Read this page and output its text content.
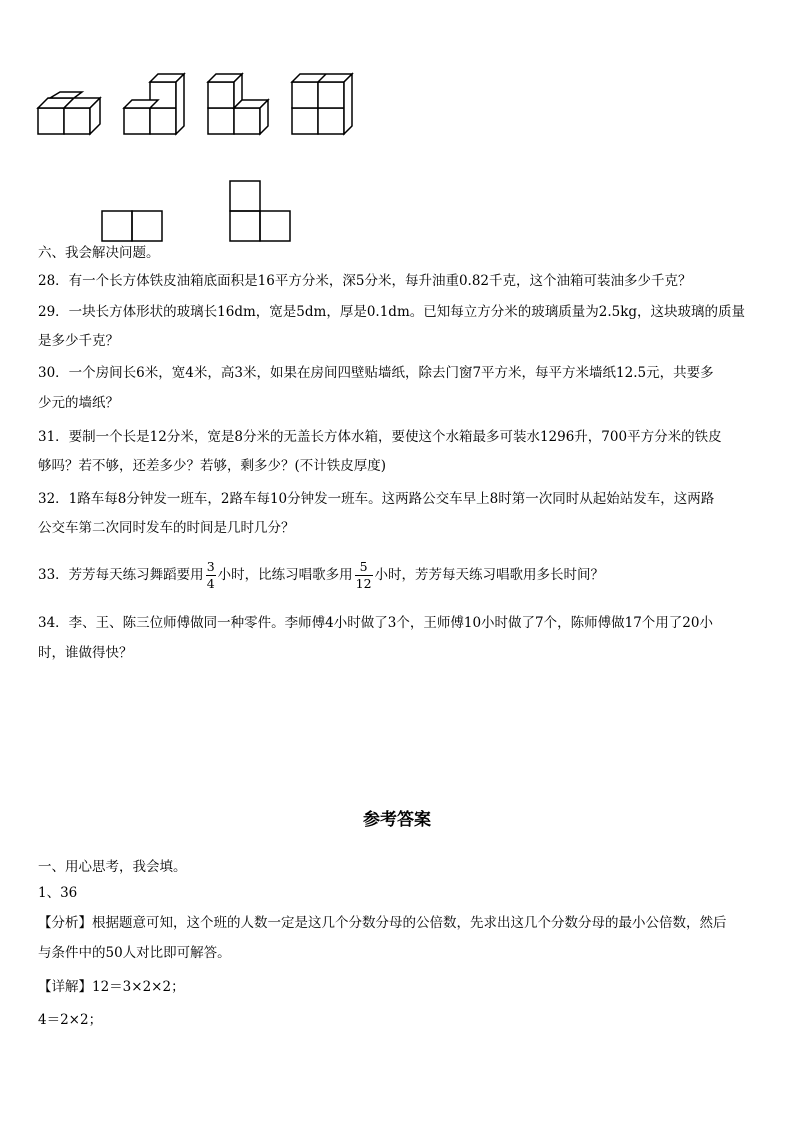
六、我会解决问题。
28．有一个长方体铁皮油箱底面积是16平方分米，深5分米，每升油重0.82千克，这个油箱可装油多少千克？
29．一块长方体形状的玻璃长16dm，宽是5dm，厚是0.1dm。已知每立方分米的玻璃质量为2.5kg，这块玻璃的质量
是多少千克？
30．一个房间长6米，宽4米，高3米，如果在房间四壁贴墙纸，除去门窗7平方米，每平方米墙纸12.5元，共要多
少元的墙纸？
31．要制一个长是12分米，宽是8分米的无盖长方体水箱，要使这个水箱最多可装水1296升，700平方分米的铁皮
够吗？若不够，还差多少？若够，剩多少？(不计铁皮厚度)
32．1路车每8分钟发一班车，2路车每10分钟发一班车。这两路公交车早上8时第一次同时从起始站发车，这两路
公交车第二次同时发车的时间是几时几分？
33．芳芳每天练习舞蹈要用 $\frac{3}{4}$ 小时，比练习唱歌多用 $\frac{5}{12}$ 小时，芳芳每天练习唱歌用多长时间？
34．李、王、陈三位师傅做同一种零件。李师傅4小时做了3个，王师傅10小时做了7个，陈师傅做17个用了20小
时，谁做得快？
参考答案
一、用心思考，我会填。
1、36
【分析】根据题意可知，这个班的人数一定是这几个分数分母的公倍数，先求出这几个分数分母的最小公倍数，然后
与条件中的50人对比即可解答。
【详解】12＝3×2×2；
4＝2×2；
